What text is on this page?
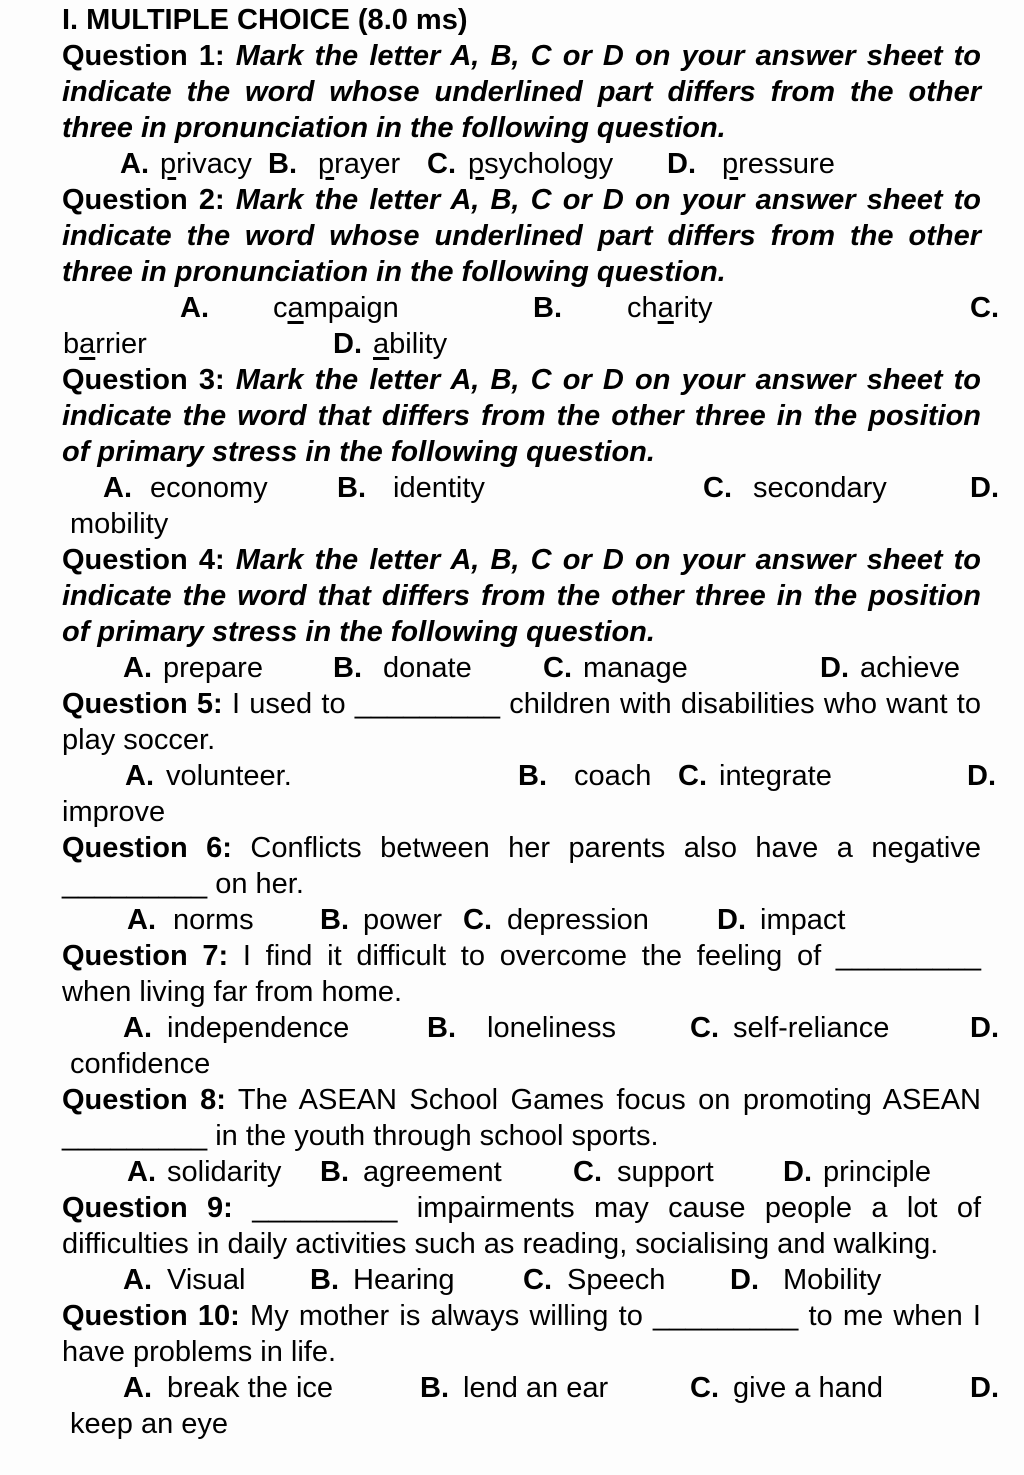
I. MULTIPLE CHOICE (8.0 ms)

Question 1: Mark the letter A, B, C or D on your answer sheet to indicate the word whose underlined part differs from the other three in pronunciation in the following question.

A. privacy B. prayer C. psychology D. pressure

Question 2: Mark the letter A, B, C or D on your answer sheet to indicate the word whose underlined part differs from the other three in pronunciation in the following question.

A. campaign	B. charity	C.
barrier	D. ability

Question 3: Mark the letter A, B, C or D on your answer sheet to indicate the word that differs from the other three in the position of primary stress in the following question.

A. economy B. identity	C. secondary	D.
mobility

Question 4: Mark the letter A, B, C or D on your answer sheet to indicate the word that differs from the other three in the position of primary stress in the following question.

A. prepare B. donate C. manage	D. achieve

Question 5: I used to _________ children with disabilities who want to play soccer.

A. volunteer.	B. coach C. integrate	D.
improve

Question 6: Conflicts between her parents also have a negative _________ on her.

A. norms B. power C. depression D. impact

Question 7: I find it difficult to overcome the feeling of _________ when living far from home.

A. independence	B. loneliness	C. self-reliance	D.
confidence

Question 8: The ASEAN School Games focus on promoting ASEAN _________ in the youth through school sports.

A. solidarity B. agreement C. support D. principle

Question 9: _________ impairments may cause people a lot of difficulties in daily activities such as reading, socialising and walking.

A. Visual B. Hearing C. Speech D. Mobility

Question 10: My mother is always willing to _________ to me when I have problems in life.

A. break the ice	B. lend an ear	C. give a hand	D.
keep an eye
